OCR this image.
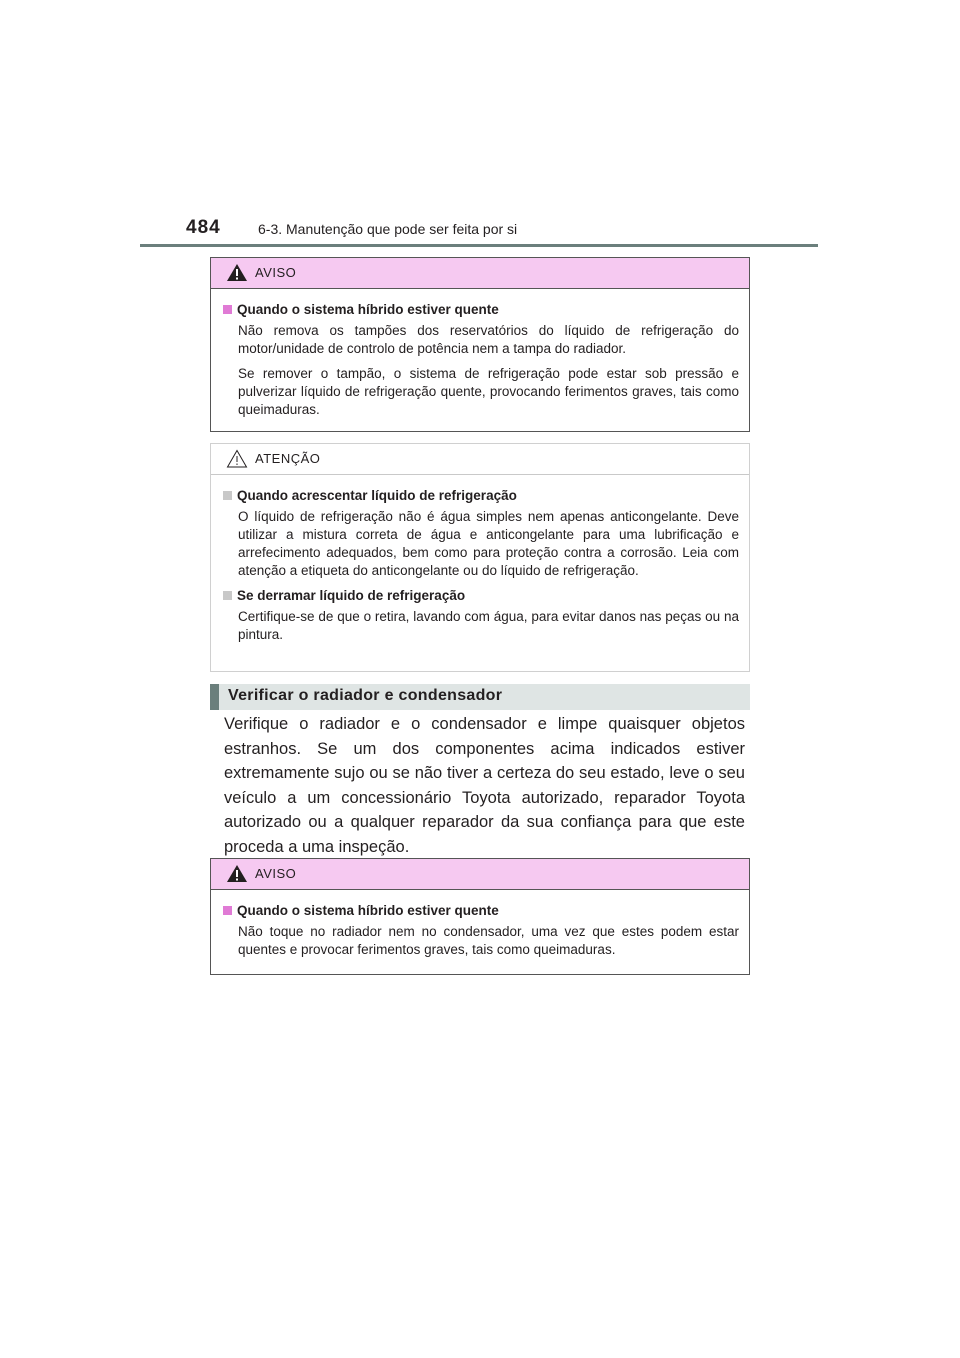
484	6-3. Manutenção que pode ser feita por si
AVISO
Quando o sistema híbrido estiver quente
Não remova os tampões dos reservatórios do líquido de refrigeração do motor/unidade de controlo de potência nem a tampa do radiador.
Se remover o tampão, o sistema de refrigeração pode estar sob pressão e pulverizar líquido de refrigeração quente, provocando ferimentos graves, tais como queimaduras.
ATENÇÃO
Quando acrescentar líquido de refrigeração
O líquido de refrigeração não é água simples nem apenas anticongelante. Deve utilizar a mistura correta de água e anticongelante para uma lubrificação e arrefecimento adequados, bem como para proteção contra a corrosão. Leia com atenção a etiqueta do anticongelante ou do líquido de refrigeração.
Se derramar líquido de refrigeração
Certifique-se de que o retira, lavando com água, para evitar danos nas peças ou na pintura.
Verificar o radiador e condensador
Verifique o radiador e o condensador e limpe quaisquer objetos estranhos. Se um dos componentes acima indicados estiver extremamente sujo ou se não tiver a certeza do seu estado, leve o seu veículo a um concessionário Toyota autorizado, reparador Toyota autorizado ou a qualquer reparador da sua confiança para que este proceda a uma inspeção.
AVISO
Quando o sistema híbrido estiver quente
Não toque no radiador nem no condensador, uma vez que estes podem estar quentes e provocar ferimentos graves, tais como queimaduras.
